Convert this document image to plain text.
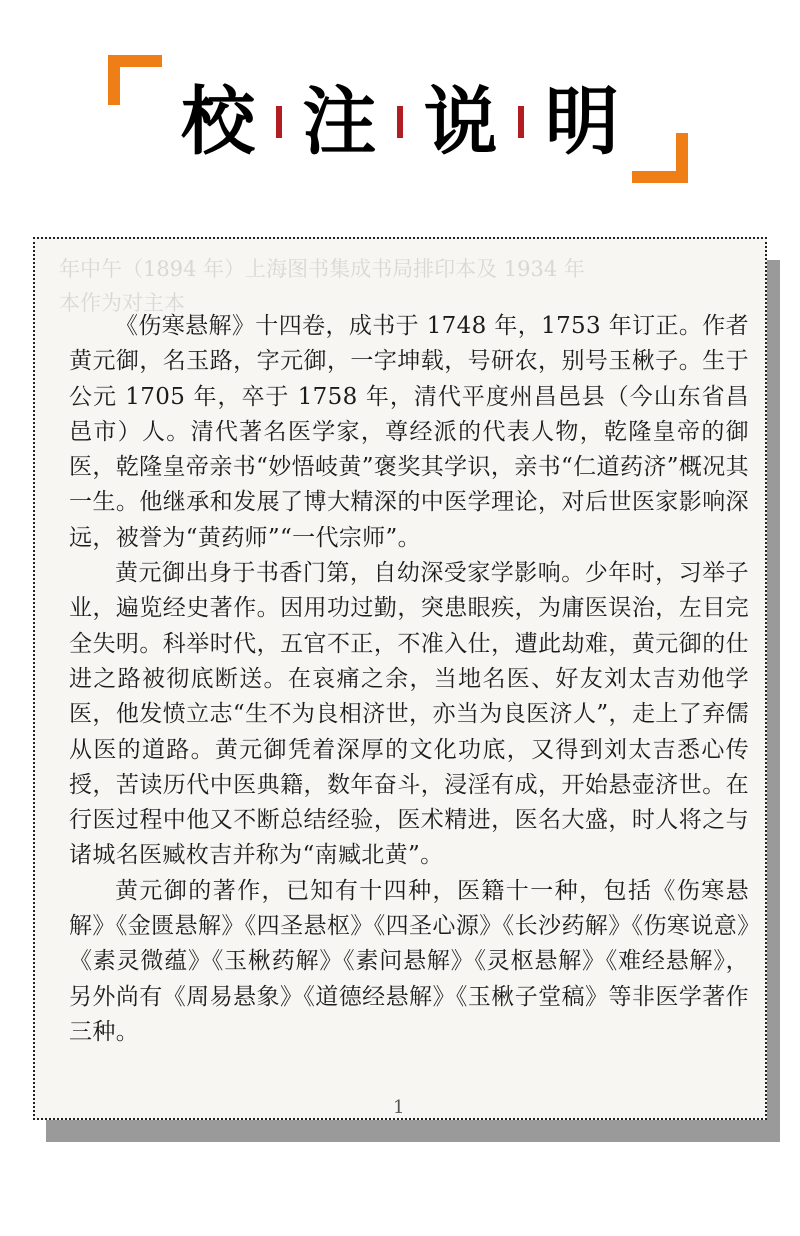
校 注 说 明
年中午（1894 年）上海图书集成书局排印本及 1934 年
本作为对主本

《伤寒悬解》十四卷，成书于 1748 年，1753 年订正。作者黄元御，名玉路，字元御，一字坤载，号研农，别号玉楸子。生于公元 1705 年，卒于 1758 年，清代平度州昌邑县（今山东省昌邑市）人。清代著名医学家，尊经派的代表人物，乾隆皇帝的御医，乾隆皇帝亲书“妙悟岐黄”褒奖其学识，亲书“仁道药济”概况其一生。他继承和发展了博大精深的中医学理论，对后世医家影响深远，被誉为“黄药师”“一代宗师”。

黄元御出身于书香门第，自幼深受家学影响。少年时，习举子业，遍览经史著作。因用功过勤，突患眼疾，为庸医误治，左目完全失明。科举时代，五官不正，不准入仕，遭此劫难，黄元御的仕进之路被彻底断送。在哀痛之余，当地名医、好友刘太吉劝他学医，他发愤立志“生不为良相济世，亦当为良医济人”，走上了弃儒从医的道路。黄元御凭着深厚的文化功底，又得到刘太吉悉心传授，苦读历代中医典籍，数年奋斗，浸淫有成，开始悬壶济世。在行医过程中他又不断总结经验，医术精进，医名大盛，时人将之与诸城名医臧枚吉并称为“南臧北黄”。

黄元御的著作，已知有十四种，医籍十一种，包括《伤寒悬解》《金匮悬解》《四圣悬枢》《四圣心源》《长沙药解》《伤寒说意》《素灵微蕴》《玉楸药解》《素问悬解》《灵枢悬解》《难经悬解》，另外尚有《周易悬象》《道德经悬解》《玉楸子堂稿》等非医学著作三种。

1
